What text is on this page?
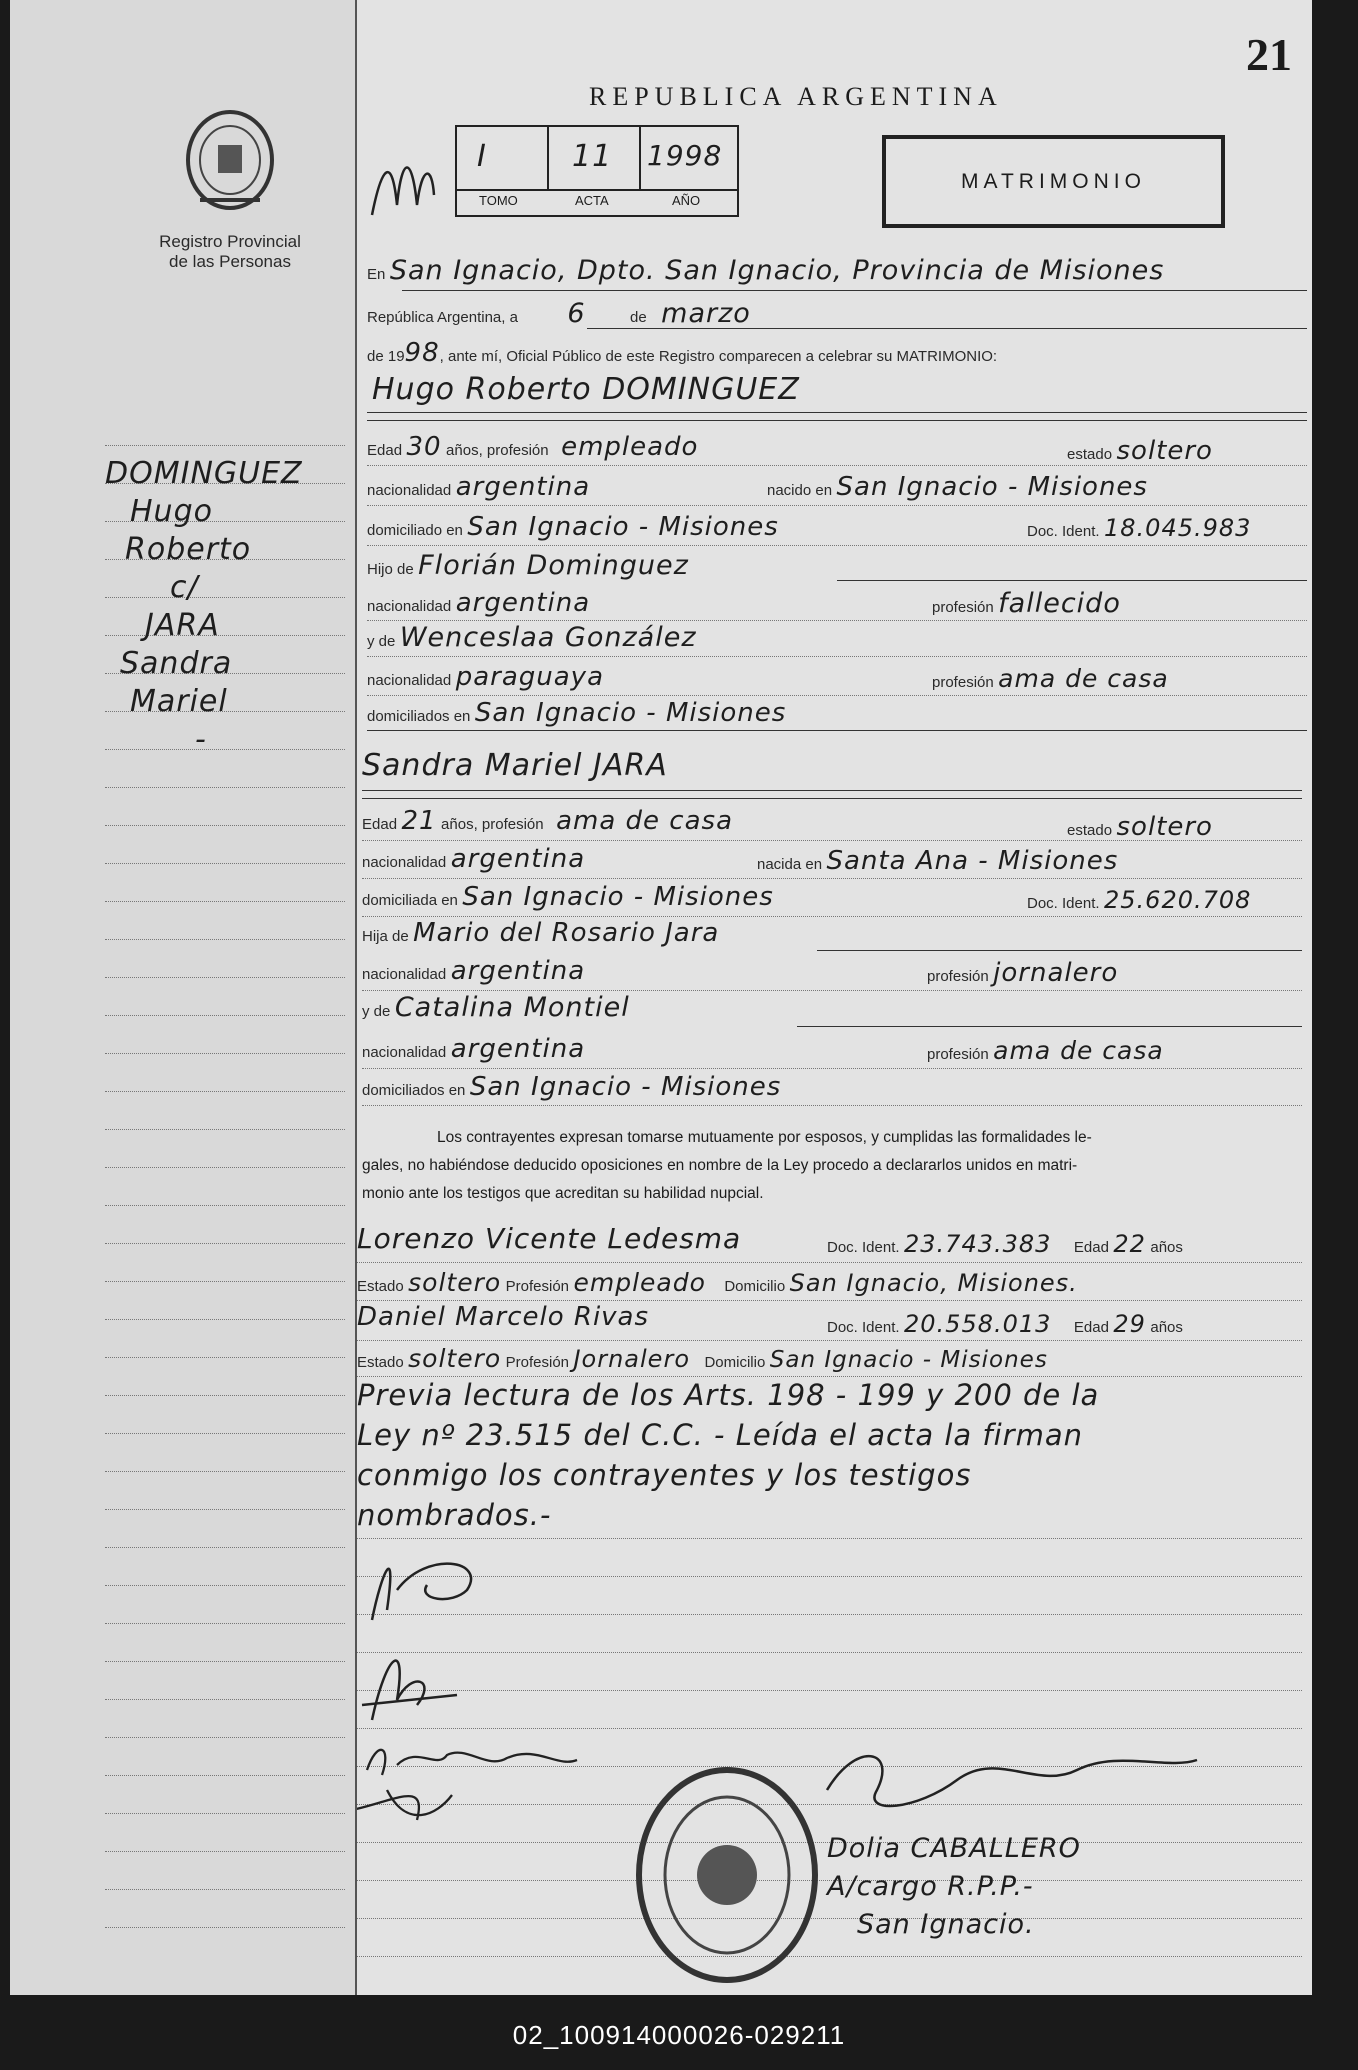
Registro Provincial
de las Personas
DOMINGUEZ
Hugo
Roberto
c/
JARA
Sandra
Mariel
-
21
REPUBLICA ARGENTINA
I	11 1998
TOMO	ACTA	AÑO
MATRIMONIO
En San Ignacio, Dpto. San Ignacio, Provincia de Misiones
República Argentina, a 6	de marzo
de 1998, ante mí, Oficial Público de este Registro comparecen a celebrar su MATRIMONIO:
Hugo Roberto DOMINGUEZ
Edad 30 años, profesión empleado	estado soltero
nacionalidad argentina	nacido en San Ignacio - Misiones
domiciliado en San Ignacio - Misiones	Doc. Ident. 18.045.983
Hijo de Florián Dominguez
nacionalidad argentina	profesión fallecido
y de Wenceslaa González
nacionalidad paraguaya	profesión ama de casa
domiciliados en San Ignacio - Misiones
Sandra Mariel JARA
Edad 21 años, profesión ama de casa	estado soltero
nacionalidad argentina	nacida en Santa Ana - Misiones
domiciliada en San Ignacio - Misiones	Doc. Ident. 25.620.708
Hija de Mario del Rosario Jara
nacionalidad argentina	profesión jornalero
y de Catalina Montiel
nacionalidad argentina	profesión ama de casa
domiciliados en San Ignacio - Misiones
Los contrayentes expresan tomarse mutuamente por esposos, y cumplidas las formalidades le-
gales, no habiéndose deducido oposiciones en nombre de la Ley procedo a declararlos unidos en matri-
monio ante los testigos que acreditan su habilidad nupcial.
Lorenzo Vicente Ledesma	Doc. Ident. 23.743.383 Edad 22 años
Estado soltero Profesión empleado Domicilio San Ignacio, Misiones.
Daniel Marcelo Rivas	Doc. Ident. 20.558.013 Edad 29 años
Estado soltero Profesión Jornalero Domicilio San Ignacio - Misiones
Previa lectura de los Arts. 198 - 199 y 200 de la
Ley nº 23.515 del C.C. - Leída el acta la firman
conmigo los contrayentes y los testigos
nombrados.-
Dolia CABALLERO
A/cargo R.P.P.-
San Ignacio.
02_100914000026-029211
